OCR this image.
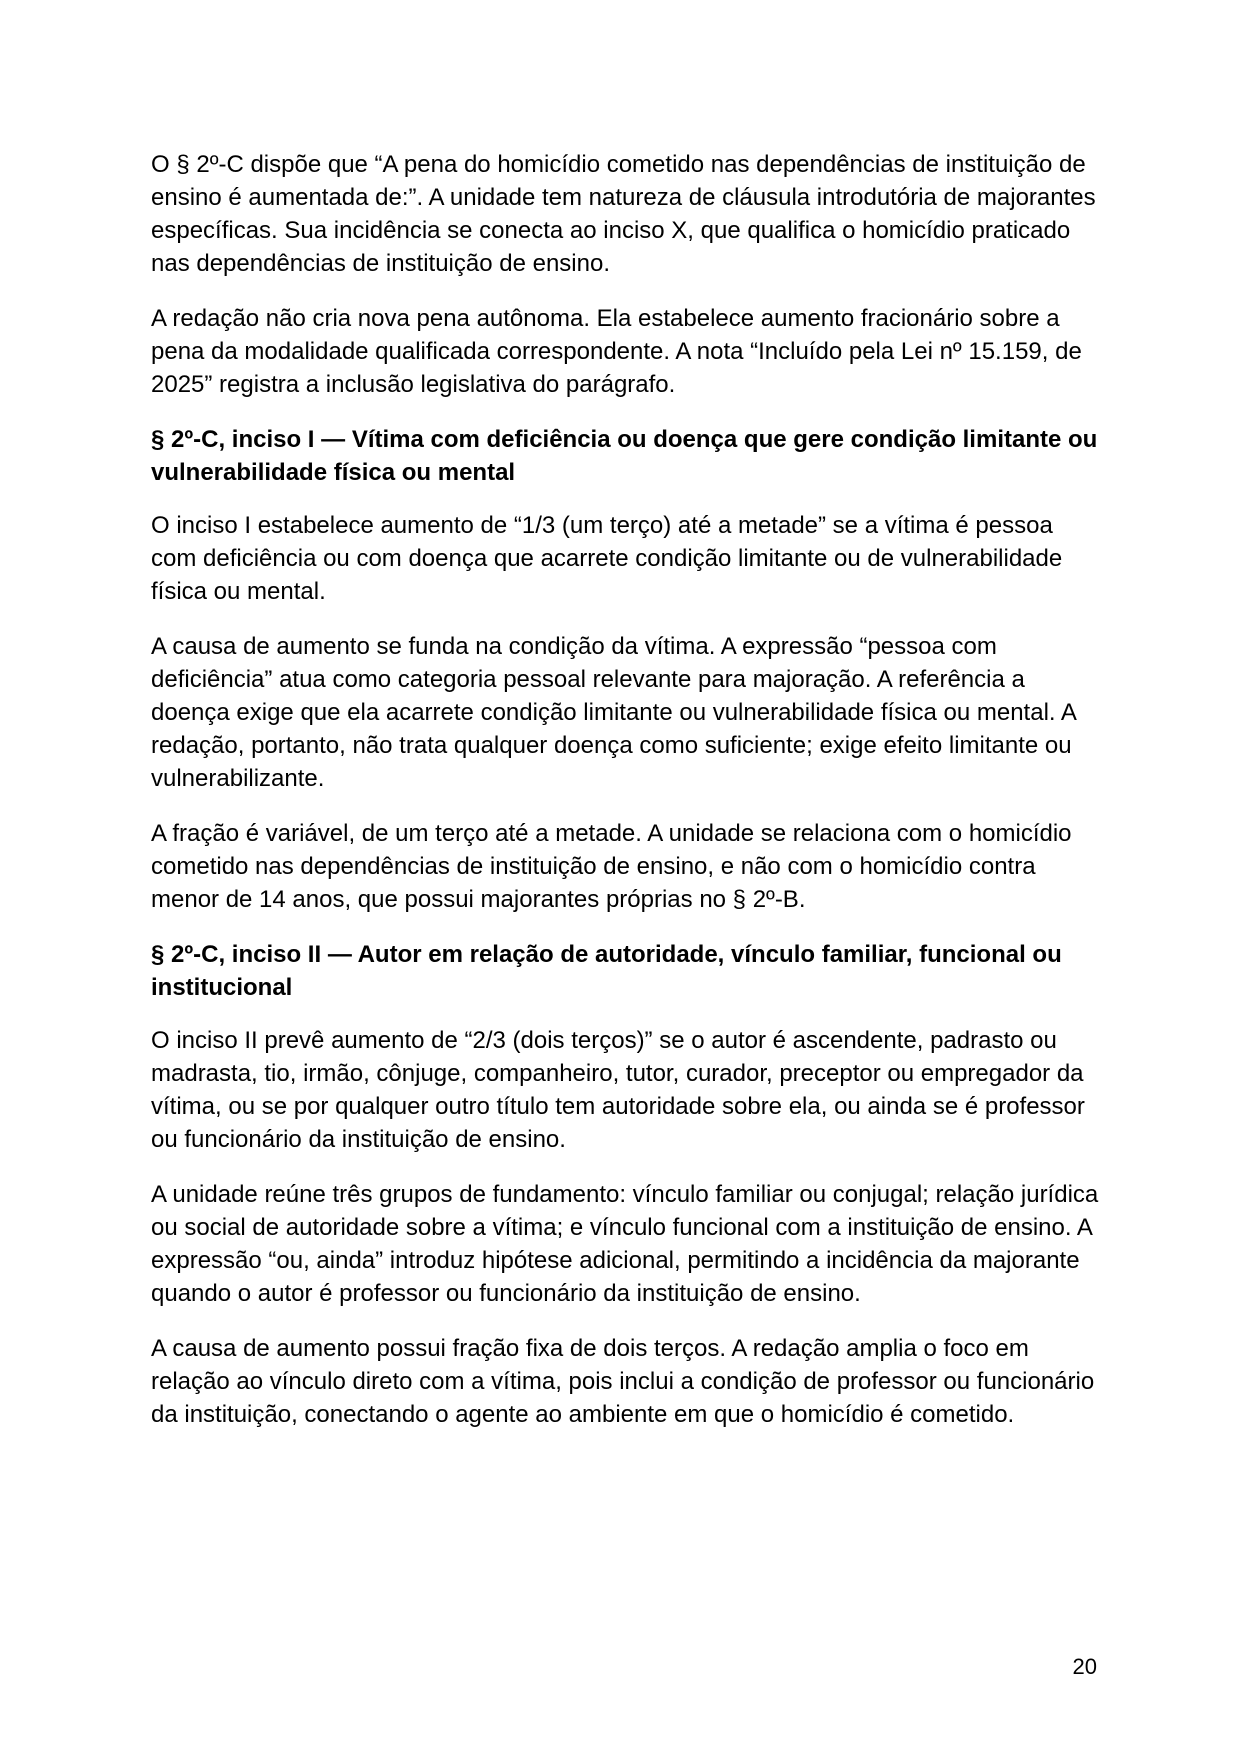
O § 2º-C dispõe que “A pena do homicídio cometido nas dependências de instituição de ensino é aumentada de:”. A unidade tem natureza de cláusula introdutória de majorantes específicas. Sua incidência se conecta ao inciso X, que qualifica o homicídio praticado nas dependências de instituição de ensino.

A redação não cria nova pena autônoma. Ela estabelece aumento fracionário sobre a pena da modalidade qualificada correspondente. A nota “Incluído pela Lei nº 15.159, de 2025” registra a inclusão legislativa do parágrafo.

§ 2º-C, inciso I — Vítima com deficiência ou doença que gere condição limitante ou vulnerabilidade física ou mental

O inciso I estabelece aumento de “1/3 (um terço) até a metade” se a vítima é pessoa com deficiência ou com doença que acarrete condição limitante ou de vulnerabilidade física ou mental.

A causa de aumento se funda na condição da vítima. A expressão “pessoa com deficiência” atua como categoria pessoal relevante para majoração. A referência a doença exige que ela acarrete condição limitante ou vulnerabilidade física ou mental. A redação, portanto, não trata qualquer doença como suficiente; exige efeito limitante ou vulnerabilizante.

A fração é variável, de um terço até a metade. A unidade se relaciona com o homicídio cometido nas dependências de instituição de ensino, e não com o homicídio contra menor de 14 anos, que possui majorantes próprias no § 2º-B.

§ 2º-C, inciso II — Autor em relação de autoridade, vínculo familiar, funcional ou institucional

O inciso II prevê aumento de “2/3 (dois terços)” se o autor é ascendente, padrasto ou madrasta, tio, irmão, cônjuge, companheiro, tutor, curador, preceptor ou empregador da vítima, ou se por qualquer outro título tem autoridade sobre ela, ou ainda se é professor ou funcionário da instituição de ensino.

A unidade reúne três grupos de fundamento: vínculo familiar ou conjugal; relação jurídica ou social de autoridade sobre a vítima; e vínculo funcional com a instituição de ensino. A expressão “ou, ainda” introduz hipótese adicional, permitindo a incidência da majorante quando o autor é professor ou funcionário da instituição de ensino.

A causa de aumento possui fração fixa de dois terços. A redação amplia o foco em relação ao vínculo direto com a vítima, pois inclui a condição de professor ou funcionário da instituição, conectando o agente ao ambiente em que o homicídio é cometido.

20
